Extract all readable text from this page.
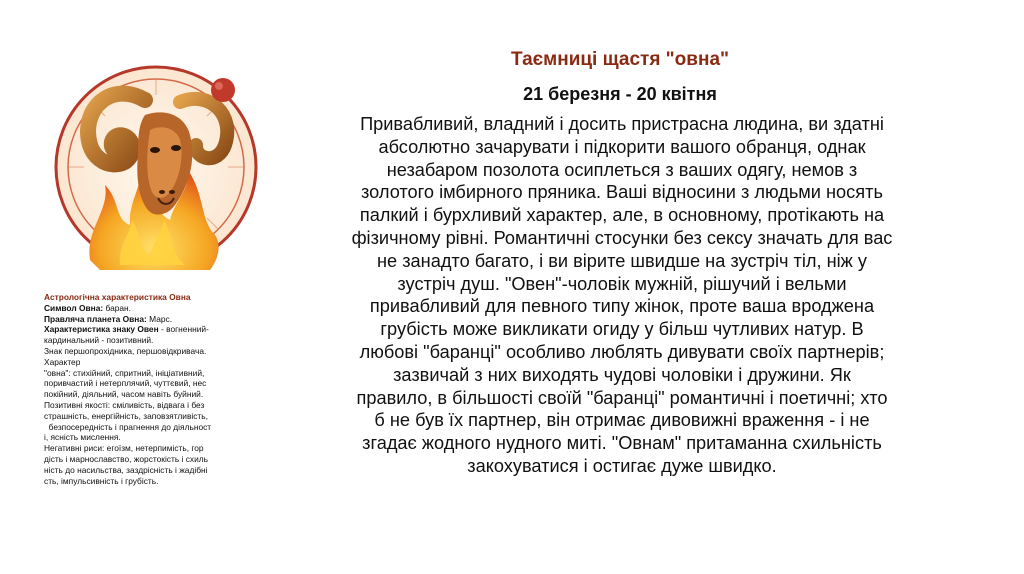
Астрологічна характеристика Овна
Символ Овна: баран.
Правляча планета Овна: Марс.
Характеристика знаку Овен - вогненний-
кардинальний - позитивний.
Знак першопрохідника, першовідкривача.
Характер
"овна": стихійний, спритний, ініціативний,
поривчастий і нетерплячий, чуттєвий, нес
покійний, діяльний, часом навіть буйний.
Позитивні якості: сміливість, відвага і без
страшність, енергійність, заповзятливість,
безпосередність і прагнення до діяльност
і, ясність мислення.
Негативні риси: егоїзм, нетерпимість, гор
дість і марнославство, жорстокість і схиль
ність до насильства, заздрісність і жадібні
сть, імпульсивність і грубість.
Таємниці щастя "овна"
21 березня - 20 квітня
Привабливий, владний і досить пристрасна людина, ви здатні
абсолютно зачарувати і підкорити вашого обранця, однак
незабаром позолота осиплеться з ваших одягу, немов з
золотого імбирного пряника. Ваші відносини з людьми носять
палкий і бурхливий характер, але, в основному, протікають на
фізичному рівні. Романтичні стосунки без сексу значать для вас
не занадто багато, і ви вірите швидше на зустріч тіл, ніж у
зустріч душ. "Овен"-чоловік мужній, рішучий і вельми
привабливий для певного типу жінок, проте ваша вроджена
грубість може викликати огиду у більш чутливих натур. В
любові "баранці" особливо люблять дивувати своїх партнерів;
зазвичай з них виходять чудові чоловіки і дружини. Як
правило, в більшості своїй "баранці" романтичні і поетичні; хто
б не був їх партнер, він отримає дивовижні враження - і не
згадає жодного нудного миті. "Овнам" притаманна схильність
закохуватися і остигає дуже швидко.
